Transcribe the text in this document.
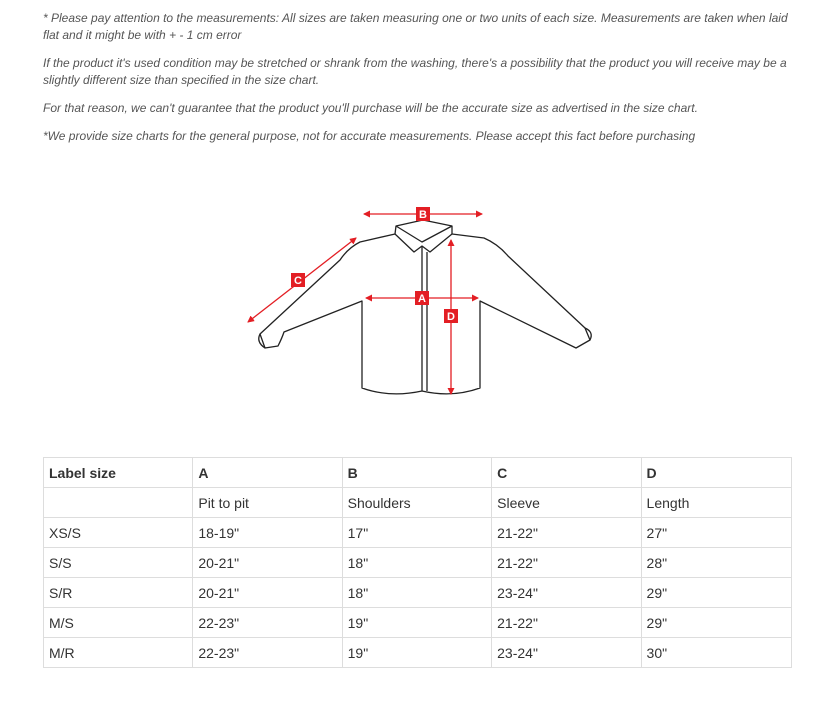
* Please pay attention to the measurements: All sizes are taken measuring one or two units of each size. Measurements are taken when laid flat and it might be with + - 1 cm error

If the product it's used condition may be stretched or shrank from the washing, there's a possibility that the product you will receive may be a slightly different size than specified in the size chart.

For that reason, we can't guarantee that the product you'll purchase will be the accurate size as advertised in the size chart.

*We provide size charts for the general purpose, not for accurate measurements. Please accept this fact before purchasing

B
C
A
D
Label size	A	B	C	D
	Pit to pit	Shoulders	Sleeve	Length
XS/S	18-19"	17"	21-22"	27"
S/S	20-21"	18"	21-22"	28"
S/R	20-21"	18"	23-24"	29"
M/S	22-23"	19"	21-22"	29"
M/R	22-23"	19"	23-24"	30"
